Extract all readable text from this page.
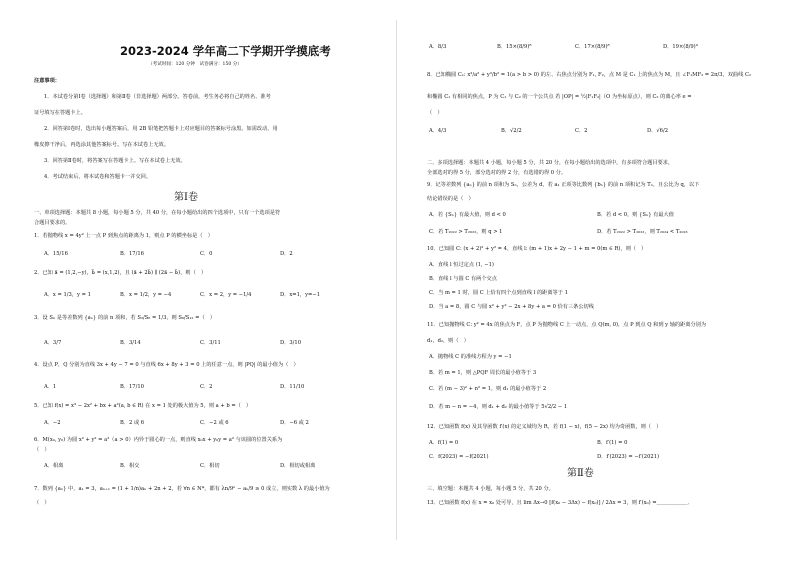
2023-2024 学年高二下学期开学摸底考
（考试时间：120 分钟　试卷满分：150 分）
注意事项：
1．本试卷分第Ⅰ卷（选择题）和第Ⅱ卷（非选择题）两部分。答卷前，考生务必将自己的姓名、准考
证号填写在答题卡上。
2．回答第Ⅰ卷时，选出每小题答案后，用 2B 铅笔把答题卡上对应题目的答案标号涂黑。如需改动，用
橡皮擦干净后，再选涂其他答案标号。写在本试卷上无效。
3．回答第Ⅱ卷时，将答案写在答题卡上。写在本试卷上无效。
4．考试结束后，将本试卷和答题卡一并交回。
第Ⅰ卷
一、单项选择题：本题共 8 小题，每小题 5 分，共 40 分，在每小题给出的四个选项中，只有一个选项是符
合题目要求的。
1．若抛物线 x = 4y² 上一点 P 到焦点的距离为 1，则点 P 的横坐标是（　）
A．15/16	B．17/16	C．0	D．2
2．已知 a⃗ = (1,2,−y)，b⃗ = (x,1,2)，且 (a⃗ + 2b⃗) ∥ (2a⃗ − b⃗)，则（　）
A．x = 1/3，y = 1	B．x = 1/2，y = −4	C．x = 2，y = −1/4	D．x=1，y=−1
3．设 Sₙ 是等差数列 {aₙ} 的前 n 项和，若 S₃/S₆ = 1/3，则 S₆/S₁₂ =（　）
A．3/7	B．3/14	C．3/11	D．3/10
4．设点 P，Q 分别为直线 3x + 4y − 7 = 0 与直线 6x + 8y + 3 = 0 上的任意一点，则 |PQ| 的最小值为（　）
A．1	B．17/10	C．2	D．11/10
5．已知 f(x) = x³ − 2x² + bx + a²(a, b ∈ R) 在 x = 1 处的极大值为 5，则 a + b =（　）
A．−2	B．2 或 6	C．−2 或 6	D．−6 或 2
6．M(x₀, y₀) 为圆 x² + y² = a²（a > 0）内异于圆心的一点，则直线 x₀x + y₀y = a² 与该圆的位置关系为
（　）
A．相离	B．相交	C．相切	D．相切或相离
7．数列 {aₙ} 中，a₁ = 3，aₙ₊₁ = (1 + 1/n)aₙ + 2n + 2，若 ∀n ∈ N*，都有 λn/9ⁿ − aₙ/9 ≥ 0 成立，则实数 λ 的最小值为
（　）
A．8/3	B．15×(8/9)⁸	C．17×(8/9)⁸	D．19×(8/9)⁹
8．已知椭圆 C₁: x²/a² + y²/b² = 1(a > b > 0) 的左、右焦点分别为 F₁, F₂，点 M 是 C₁ 上的焦点为 M，且 ∠F₁MF₂ = 2π/3，双曲线 C₂
和椭圆 C₁ 有相同的焦点，P 为 C₁ 与 C₂ 的一个公共点 若 |OP| = ½|F₁F₂|（O 为坐标原点），则 C₂ 的离心率 e =
（　）
A．4/3	B．√2/2	C．2	D．√6/2
二、多项选择题：本题共 4 小题，每小题 5 分，共 20 分，在每小题给出的选项中，有多项符合题目要求，
全部选对的得 5 分，部分选对的得 2 分，有选错的得 0 分。
9．记等差数列 {aₙ} 的前 n 项和为 Sₙ，公差为 d，若 a₁ 正项等比数列 {bₙ} 的前 n 项积记为 Tₙ，且公比为 q，以下
结论错误的是（　）
A．若 {Sₙ} 有最大值，则 d < 0	B．若 d < 0，则 {Sₙ} 有最大值
C．若 T₂₀₂₂ > T₂₀₂₃，则 q > 1	D．若 T₂₀₂₂ > T₂₀₂₃，则 T₂₀₂₄ < T₂₀₂₃
10．已知圆 C: (x + 2)² + y² = 4，直线 l: (m + 1)x + 2y − 1 + m = 0(m ∈ R)，则（　）
A．直线 l 恒过定点 (1, −1)
B．直线 l 与圆 C 有两个交点
C．当 m = 1 时，圆 C 上恰有四个点到直线 l 的距离等于 1
D．当 a = 8，圆 C 与圆 x² + y² − 2x + 8y + a = 0 恰有三条公切线
11．已知抛物线 C: y² = 4x 的焦点为 F，点 P 为抛物线 C 上一动点，点 Q(m, 0)，点 P 到点 Q 和到 y 轴的距离分别为
d₁，d₂，则（　）
A．抛物线 C 的准线方程为 y = −1
B．若 m = 1，则 △PQF 周长的最小值等于 3
C．若 (m − 3)² + n² = 1，则 d₁ 的最小值等于 2
D．若 m − n = −4，则 d₁ + d₂ 的最小值等于 5√2/2 − 1
12．已知函数 f(x) 及其导函数 f′(x) 的定义域均为 R，若 f(1 − x)，f(5 − 2x) 均为奇函数，则（　）
A．f(1) = 0	B．f′(1) = 0
C．f(2023) = −f(2021)	D．f′(2023) = −f′(2021)
第Ⅱ卷
三、填空题：本题共 4 小题，每小题 5 分，共 20 分。
13．已知函数 f(x) 在 x = x₀ 处可导，且 lim Δx→0 [f(x₀ − 3Δx) − f(x₀)] / 2Δx = 3，则 f′(x₀) =＿＿＿＿＿＿．
